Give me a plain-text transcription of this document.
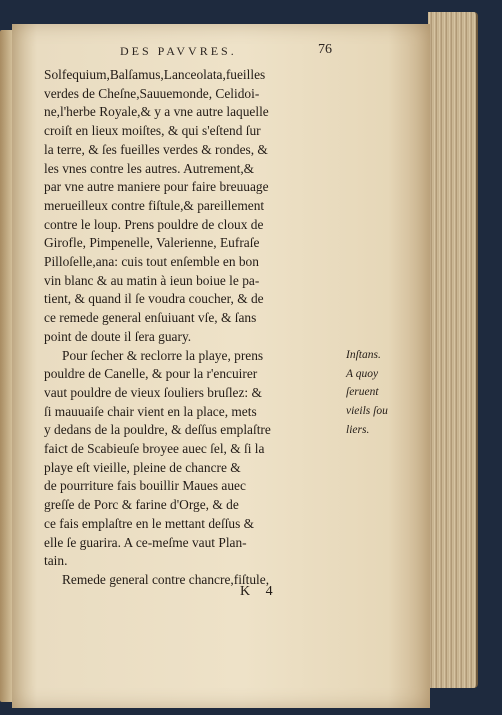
DES PAVVRES.	76
Solfequium,Balſamus,Lanceolata,fueilles
verdes de Cheſne,Sauuemonde, Celidoi-
ne,l'herbe Royale,& y a vne autre laquelle
croiſt en lieux moiſtes, & qui s'eſtend ſur
la terre, & ſes fueilles verdes & rondes, &
les vnes contre les autres. Autrement,&
par vne autre maniere pour faire breuuage
merueilleux contre fiſtule,& pareillement
contre le loup. Prens pouldre de cloux de
Girofle, Pimpenelle, Valerienne, Eufraſe
Pilloſelle,ana: cuis tout enſemble en bon
vin blanc & au matin à ieun boiue le pa-
tient, & quand il ſe voudra coucher, & de
ce remede general enſuiuant vſe, & ſans
point de doute il ſera guary.
Pour ſecher & reclorre la playe, prens
pouldre de Canelle, & pour la r'encuirer
vaut pouldre de vieux ſouliers bruſlez: &
ſi mauuaiſe chair vient en la place, mets
y dedans de la pouldre, & deſſus emplaſtre
faict de Scabieuſe broyee auec ſel, & ſi la
playe eſt vieille, pleine de chancre &
de pourriture fais bouillir Maues auec
greſſe de Porc & farine d'Orge, & de
ce fais emplaſtre en le mettant deſſus &
elle ſe guarira. A ce-meſme vaut Plan-
tain.
Remede general contre chancre,fiſtule,
Inſtans.
A quoy
ſeruent
vieils ſou
liers.
K 4
